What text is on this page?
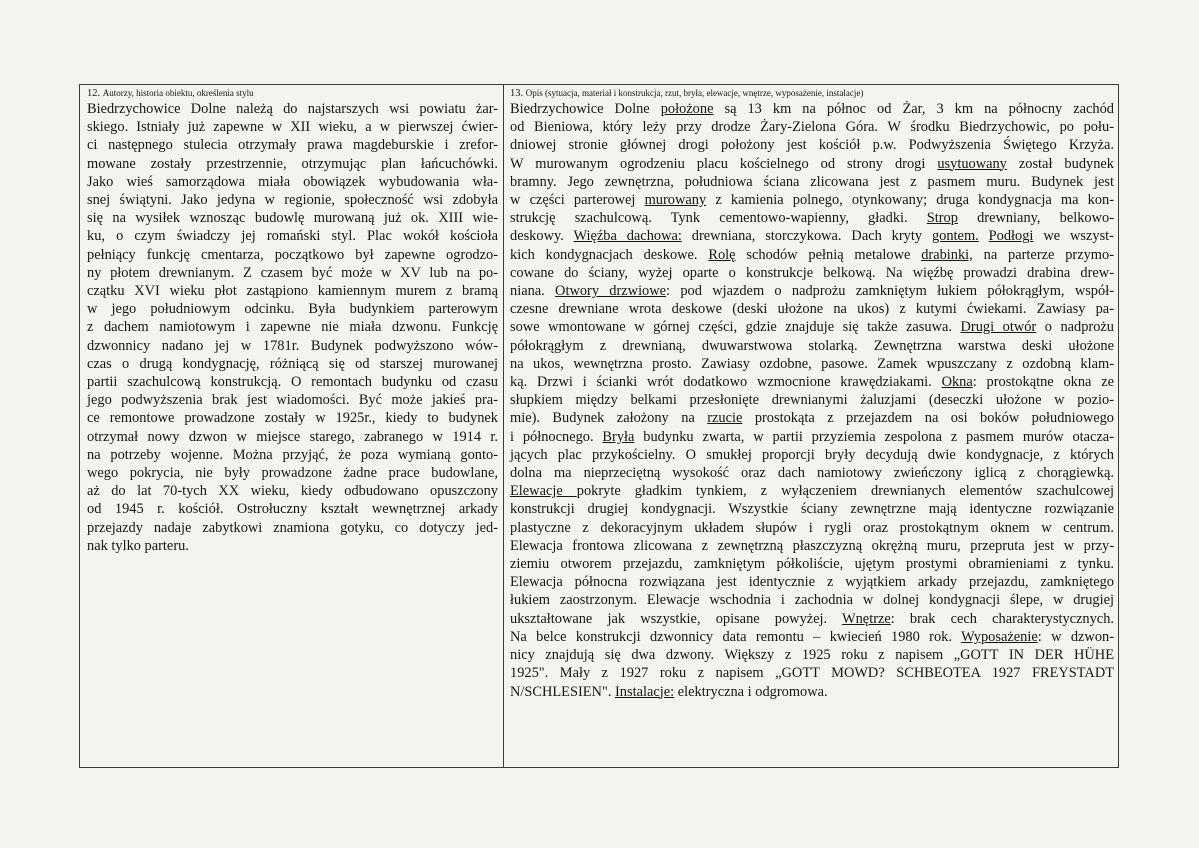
12. Autorzy, historia obiektu, określenia stylu

Biedrzychowice Dolne należą do najstarszych wsi powiatu żar-
skiego. Istniały już zapewne w XII wieku, a w pierwszej ćwier-
ci następnego stulecia otrzymały prawa magdeburskie i zrefor-
mowane zostały przestrzennie, otrzymując plan łańcuchówki.
Jako wieś samorządowa miała obowiązek wybudowania wła-
snej świątyni. Jako jedyna w regionie, społeczność wsi zdobyła
się na wysiłek wznosząc budowlę murowaną już ok. XIII wie-
ku, o czym świadczy jej romański styl. Plac wokół kościoła
pełniący funkcję cmentarza, początkowo był zapewne ogrodzo-
ny płotem drewnianym. Z czasem być może w XV lub na po-
czątku XVI wieku płot zastąpiono kamiennym murem z bramą
w jego południowym odcinku. Była budynkiem parterowym
z dachem namiotowym i zapewne nie miała dzwonu. Funkcję
dzwonnicy nadano jej w 1781r. Budynek podwyższono wów-
czas o drugą kondygnację, różniącą się od starszej murowanej
partii szachulcową konstrukcją. O remontach budynku od czasu
jego podwyższenia brak jest wiadomości. Być może jakieś pra-
ce remontowe prowadzone zostały w 1925r., kiedy to budynek
otrzymał nowy dzwon w miejsce starego, zabranego w 1914 r.
na potrzeby wojenne. Można przyjąć, że poza wymianą gonto-
wego pokrycia, nie były prowadzone żadne prace budowlane,
aż do lat 70-tych XX wieku, kiedy odbudowano opuszczony
od 1945 r. kościół. Ostrołuczny kształt wewnętrznej arkady
przejazdy nadaje zabytkowi znamiona gotyku, co dotyczy jed-
nak tylko parteru.

13. Opis (sytuacja, materiał i konstrukcja, rzut, bryła, elewacje, wnętrze, wyposażenie, instalacje)

Biedrzychowice Dolne położone są 13 km na północ od Żar, 3 km na północny zachód
od Bieniowa, który leży przy drodze Żary-Zielona Góra. W środku Biedrzychowic, po połu-
dniowej stronie głównej drogi położony jest kościół p.w. Podwyższenia Świętego Krzyża.
W murowanym ogrodzeniu placu kościelnego od strony drogi usytuowany został budynek
bramny. Jego zewnętrzna, południowa ściana zlicowana jest z pasmem muru. Budynek jest
w części parterowej murowany z kamienia polnego, otynkowany; druga kondygnacja ma kon-
strukcję szachulcową. Tynk cementowo-wapienny, gładki. Strop drewniany, belkowo-
deskowy. Więźba dachowa: drewniana, storczykowa. Dach kryty gontem. Podłogi we wszyst-
kich kondygnacjach deskowe. Rolę schodów pełnią metalowe drabinki, na parterze przymo-
cowane do ściany, wyżej oparte o konstrukcje belkową. Na więźbę prowadzi drabina drew-
niana. Otwory drzwiowe: pod wjazdem o nadprożu zamkniętym łukiem półokrągłym, współ-
czesne drewniane wrota deskowe (deski ułożone na ukos) z kutymi ćwiekami. Zawiasy pa-
sowe wmontowane w górnej części, gdzie znajduje się także zasuwa. Drugi otwór o nadprożu
półokrągłym z drewnianą, dwuwarstwowa stolarką. Zewnętrzna warstwa deski ułożone
na ukos, wewnętrzna prosto. Zawiasy ozdobne, pasowe. Zamek wpuszczany z ozdobną klam-
ką. Drzwi i ścianki wrót dodatkowo wzmocnione krawędziakami. Okna: prostokątne okna ze
słupkiem między belkami przesłonięte drewnianymi żaluzjami (deseczki ułożone w pozio-
mie). Budynek założony na rzucie prostokąta z przejazdem na osi boków południowego
i północnego. Bryła budynku zwarta, w partii przyziemia zespolona z pasmem murów otacza-
jących plac przykościelny. O smukłej proporcji bryły decydują dwie kondygnacje, z których
dolna ma nieprzeciętną wysokość oraz dach namiotowy zwieńczony iglicą z chorągiewką.
Elewacje pokryte gładkim tynkiem, z wyłączeniem drewnianych elementów szachulcowej
konstrukcji drugiej kondygnacji. Wszystkie ściany zewnętrzne mają identyczne rozwiązanie
plastyczne z dekoracyjnym układem słupów i rygli oraz prostokątnym oknem w centrum.
Elewacja frontowa zlicowana z zewnętrzną płaszczyzną okrężną muru, przepruta jest w przy-
ziemiu otworem przejazdu, zamkniętym półkoliście, ujętym prostymi obramieniami z tynku.
Elewacja północna rozwiązana jest identycznie z wyjątkiem arkady przejazdu, zamkniętego
łukiem zaostrzonym. Elewacje wschodnia i zachodnia w dolnej kondygnacji ślepe, w drugiej
ukształtowane jak wszystkie, opisane powyżej. Wnętrze: brak cech charakterystycznych.
Na belce konstrukcji dzwonnicy data remontu – kwiecień 1980 rok. Wyposażenie: w dzwon-
nicy znajdują się dwa dzwony. Większy z 1925 roku z napisem „GOTT IN DER HÜHE
1925". Mały z 1927 roku z napisem „GOTT MOWD? SCHBEOTEA 1927 FREYSTADT
N/SCHLESIEN". Instalacje: elektryczna i odgromowa.
